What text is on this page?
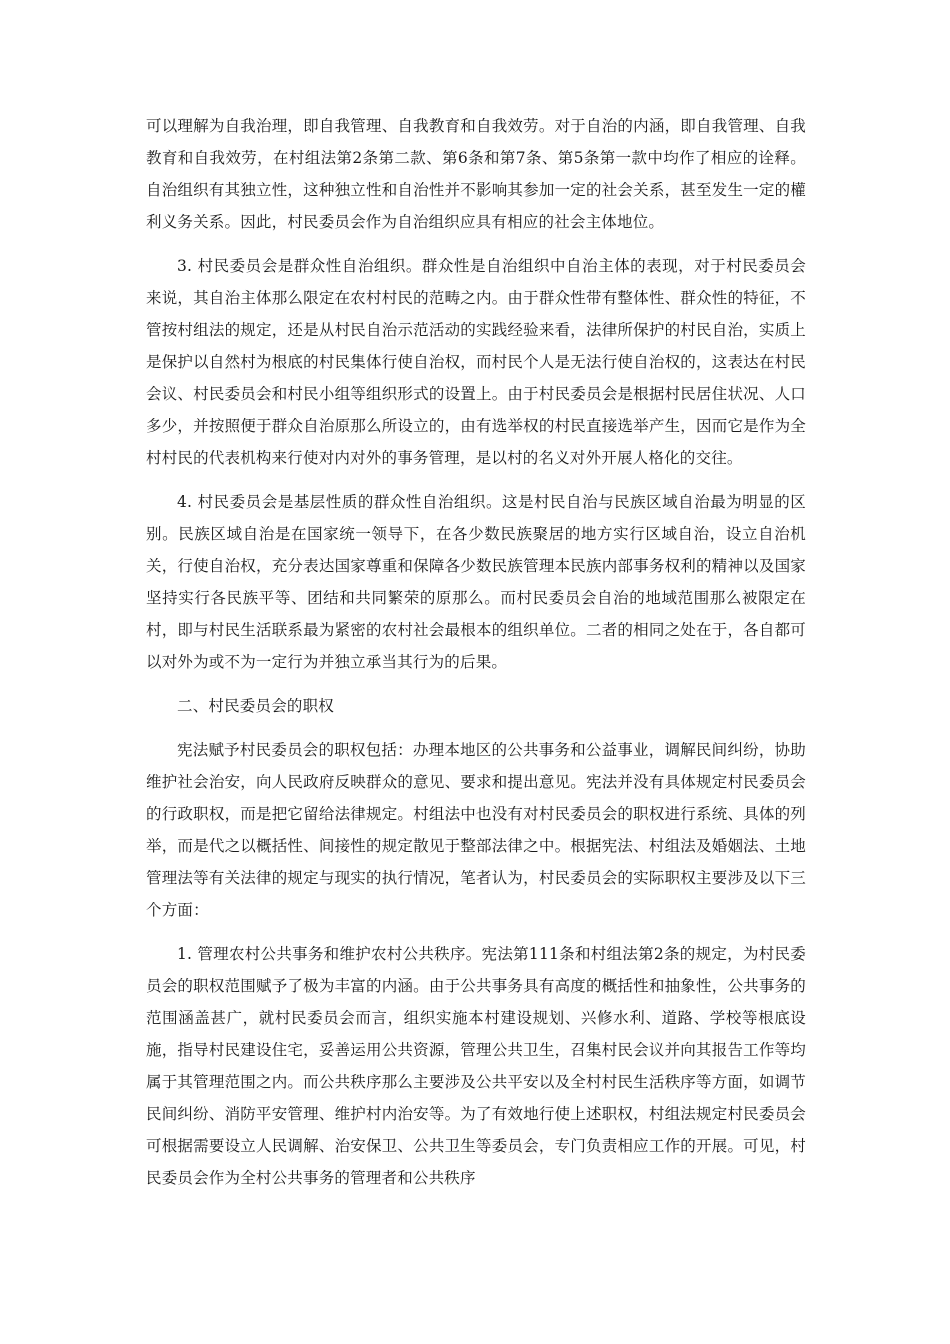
可以理解为自我治理，即自我管理、自我教育和自我效劳。对于自治的内涵，即自我管理、自我教育和自我效劳，在村组法第2条第二款、第6条和第7条、第5条第一款中均作了相应的诠释。自治组织有其独立性，这种独立性和自治性并不影响其参加一定的社会关系，甚至发生一定的權利义务关系。因此，村民委员会作为自治组织应具有相应的社会主体地位。

3. 村民委员会是群众性自治组织。群众性是自治组织中自治主体的表现，对于村民委员会来说，其自治主体那么限定在农村村民的范畴之内。由于群众性带有整体性、群众性的特征，不管按村组法的规定，还是从村民自治示范活动的实践经验来看，法律所保护的村民自治，实质上是保护以自然村为根底的村民集体行使自治权，而村民个人是无法行使自治权的，这表达在村民会议、村民委员会和村民小组等组织形式的设置上。由于村民委员会是根据村民居住状况、人口多少，并按照便于群众自治原那么所设立的，由有选举权的村民直接选举产生，因而它是作为全村村民的代表机构来行使对内对外的事务管理，是以村的名义对外开展人格化的交往。

4. 村民委员会是基层性质的群众性自治组织。这是村民自治与民族区域自治最为明显的区别。民族区域自治是在国家统一领导下，在各少数民族聚居的地方实行区域自治，设立自治机关，行使自治权，充分表达国家尊重和保障各少数民族管理本民族内部事务权利的精神以及国家坚持实行各民族平等、团结和共同繁荣的原那么。而村民委员会自治的地域范围那么被限定在村，即与村民生活联系最为紧密的农村社会最根本的组织单位。二者的相同之处在于，各自都可以对外为或不为一定行为并独立承当其行为的后果。

二、村民委员会的职权

宪法赋予村民委员会的职权包括：办理本地区的公共事务和公益事业，调解民间纠纷，协助维护社会治安，向人民政府反映群众的意见、要求和提出意见。宪法并没有具体规定村民委员会的行政职权，而是把它留给法律规定。村组法中也没有对村民委员会的职权进行系统、具体的列举，而是代之以概括性、间接性的规定散见于整部法律之中。根据宪法、村组法及婚姻法、土地管理法等有关法律的规定与现实的执行情况，笔者认为，村民委员会的实际职权主要涉及以下三个方面：

1. 管理农村公共事务和维护农村公共秩序。宪法第111条和村组法第2条的规定，为村民委员会的职权范围赋予了极为丰富的内涵。由于公共事务具有高度的概括性和抽象性，公共事务的范围涵盖甚广，就村民委员会而言，组织实施本村建设规划、兴修水利、道路、学校等根底设施，指导村民建设住宅，妥善运用公共资源，管理公共卫生，召集村民会议并向其报告工作等均属于其管理范围之内。而公共秩序那么主要涉及公共平安以及全村村民生活秩序等方面，如调节民间纠纷、消防平安管理、维护村内治安等。为了有效地行使上述职权，村组法规定村民委员会可根据需要设立人民调解、治安保卫、公共卫生等委员会，专门负责相应工作的开展。可见，村民委员会作为全村公共事务的管理者和公共秩序
